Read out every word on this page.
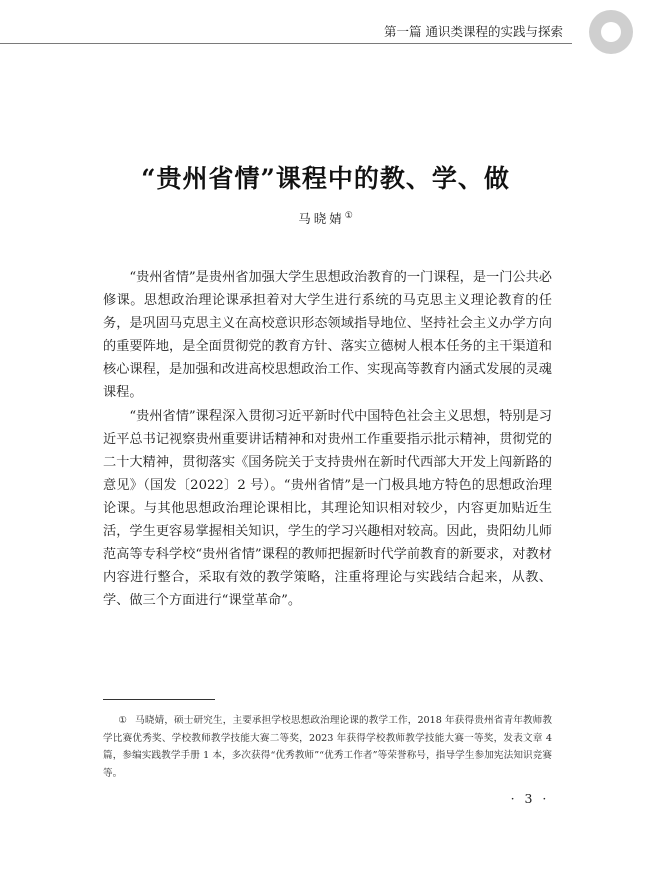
第一篇 通识类课程的实践与探索
“贵州省情”课程中的教、学、做
马晓婧①

“贵州省情”是贵州省加强大学生思想政治教育的一门课程，是一门公共必修课。思想政治理论课承担着对大学生进行系统的马克思主义理论教育的任务，是巩固马克思主义在高校意识形态领域指导地位、坚持社会主义办学方向的重要阵地，是全面贯彻党的教育方针、落实立德树人根本任务的主干渠道和核心课程，是加强和改进高校思想政治工作、实现高等教育内涵式发展的灵魂课程。

“贵州省情”课程深入贯彻习近平新时代中国特色社会主义思想，特别是习近平总书记视察贵州重要讲话精神和对贵州工作重要指示批示精神，贯彻党的二十大精神，贯彻落实《国务院关于支持贵州在新时代西部大开发上闯新路的意见》（国发〔2022〕2 号）。“贵州省情”是一门极具地方特色的思想政治理论课。与其他思想政治理论课相比，其理论知识相对较少，内容更加贴近生活，学生更容易掌握相关知识，学生的学习兴趣相对较高。因此，贵阳幼儿师范高等专科学校“贵州省情”课程的教师把握新时代学前教育的新要求，对教材内容进行整合，采取有效的教学策略，注重将理论与实践结合起来，从教、学、做三个方面进行“课堂革命”。

① 马晓婧，硕士研究生，主要承担学校思想政治理论课的教学工作，2018 年获得贵州省青年教师教学比赛优秀奖、学校教师教学技能大赛二等奖，2023 年获得学校教师教学技能大赛一等奖，发表文章 4 篇，参编实践教学手册 1 本，多次获得“优秀教师”“优秀工作者”等荣誉称号，指导学生参加宪法知识竞赛等。
· 3 ·
